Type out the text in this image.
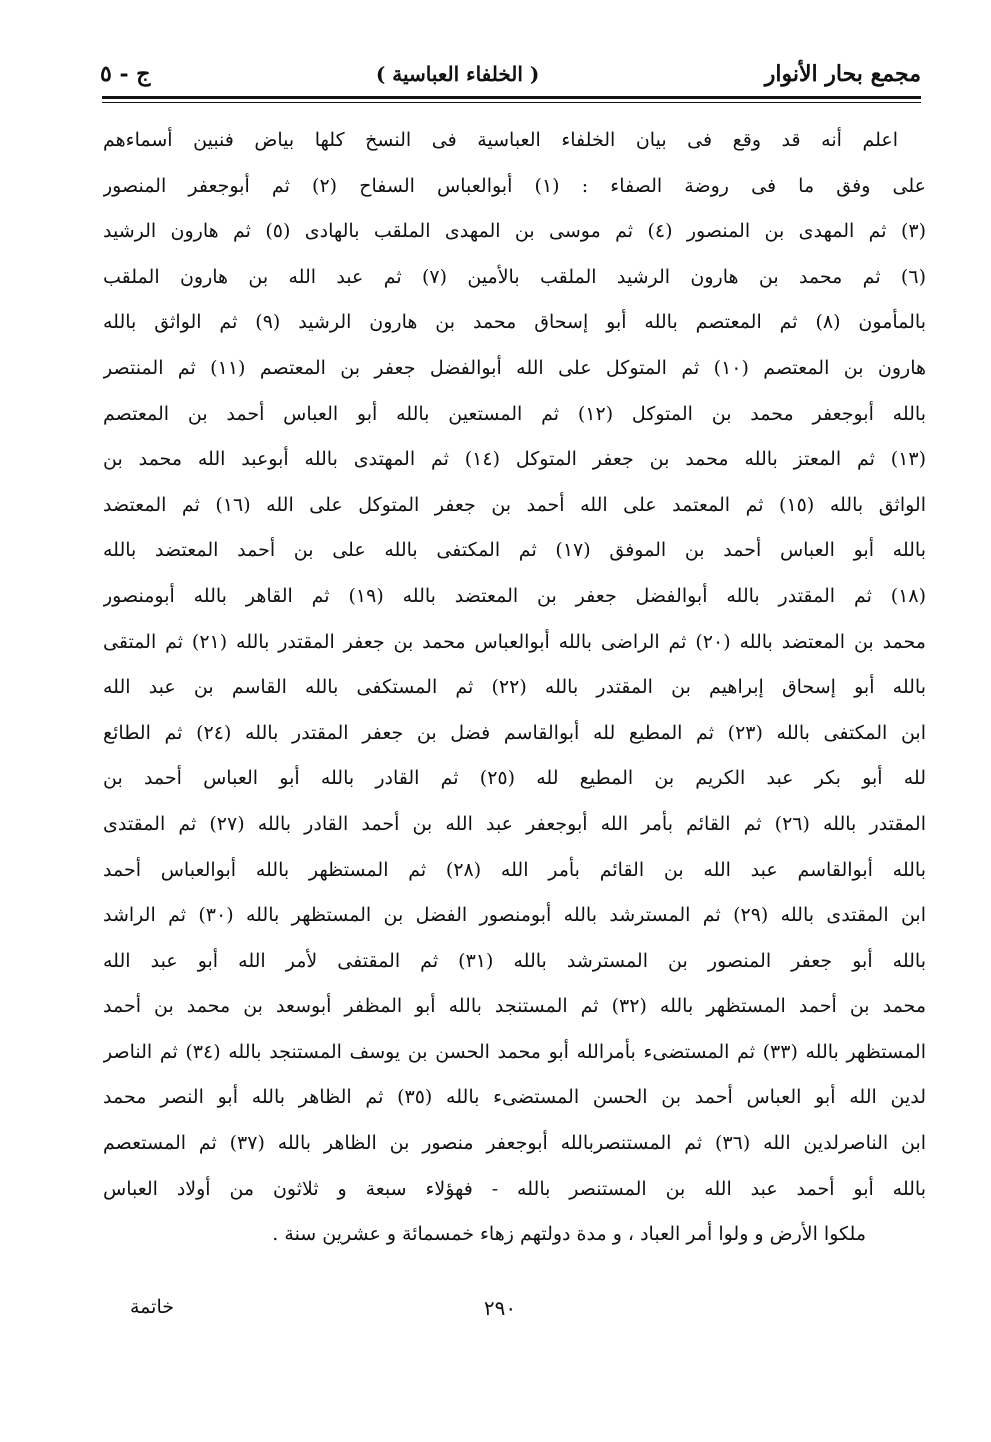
مجمع بحار الأنوار
( الخلفاء العباسية )
ج - ٥
اعلم أنه قد وقع فى بيان الخلفاء العباسية فى النسخ كلها بياض فنبين أسماءهم
على وفق ما فى روضة الصفاء : (١) أبوالعباس السفاح (٢) ثم أبوجعفر المنصور
(٣) ثم المهدى بن المنصور (٤) ثم موسى بن المهدى الملقب بالهادى (٥) ثم هارون الرشيد
(٦) ثم محمد بن هارون الرشيد الملقب بالأمين (٧) ثم عبد الله بن هارون الملقب
بالمأمون (٨) ثم المعتصم بالله أبو إسحاق محمد بن هارون الرشيد (٩) ثم الواثق بالله
هارون بن المعتصم (١٠) ثم المتوكل على الله أبوالفضل جعفر بن المعتصم (١١) ثم المنتصر
بالله أبوجعفر محمد بن المتوكل (١٢) ثم المستعين بالله أبو العباس أحمد بن المعتصم
(١٣) ثم المعتز بالله محمد بن جعفر المتوكل (١٤) ثم المهتدى بالله أبوعبد الله محمد بن
الواثق بالله (١٥) ثم المعتمد على الله أحمد بن جعفر المتوكل على الله (١٦) ثم المعتضد
بالله أبو العباس أحمد بن الموفق (١٧) ثم المكتفى بالله على بن أحمد المعتضد بالله
(١٨) ثم المقتدر بالله أبوالفضل جعفر بن المعتضد بالله (١٩) ثم القاهر بالله أبومنصور
محمد بن المعتضد بالله (٢٠) ثم الراضى بالله أبوالعباس محمد بن جعفر المقتدر بالله (٢١) ثم المتقى
بالله أبو إسحاق إبراهيم بن المقتدر بالله (٢٢) ثم المستكفى بالله القاسم بن عبد الله
ابن المكتفى بالله (٢٣) ثم المطيع لله أبوالقاسم فضل بن جعفر المقتدر بالله (٢٤) ثم الطائع
لله أبو بكر عبد الكريم بن المطيع لله (٢٥) ثم القادر بالله أبو العباس أحمد بن
المقتدر بالله (٢٦) ثم القائم بأمر الله أبوجعفر عبد الله بن أحمد القادر بالله (٢٧) ثم المقتدى
بالله أبوالقاسم عبد الله بن القائم بأمر الله (٢٨) ثم المستظهر بالله أبوالعباس أحمد
ابن المقتدى بالله (٢٩) ثم المسترشد بالله أبومنصور الفضل بن المستظهر بالله (٣٠) ثم الراشد
بالله أبو جعفر المنصور بن المسترشد بالله (٣١) ثم المقتفى لأمر الله أبو عبد الله
محمد بن أحمد المستظهر بالله (٣٢) ثم المستنجد بالله أبو المظفر أبوسعد بن محمد بن أحمد
المستظهر بالله (٣٣) ثم المستضىء بأمرالله أبو محمد الحسن بن يوسف المستنجد بالله (٣٤) ثم الناصر
لدين الله أبو العباس أحمد بن الحسن المستضىء بالله (٣٥) ثم الظاهر بالله أبو النصر محمد
ابن الناصرلدين الله (٣٦) ثم المستنصربالله أبوجعفر منصور بن الظاهر بالله (٣٧) ثم المستعصم
بالله أبو أحمد عبد الله بن المستنصر بالله - فهؤلاء سبعة و ثلاثون من أولاد العباس
ملكوا الأرض و ولوا أمر العباد ، و مدة دولتهم زهاء خمسمائة و عشرين سنة .
٢٩٠
خاتمة
